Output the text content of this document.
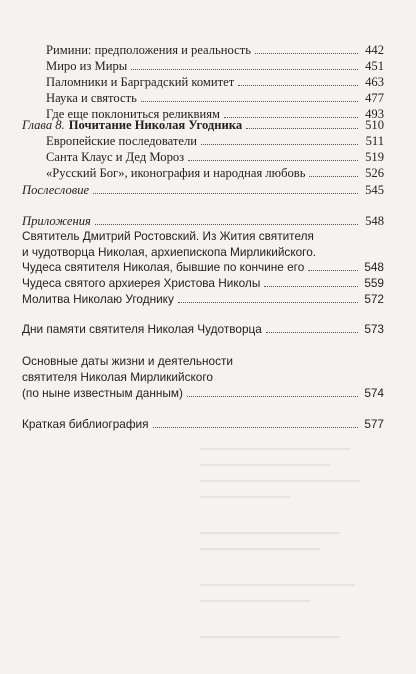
Римини: предположения и реальность	442
Миро из Миры	451
Паломники и Барградский комитет	463
Наука и святость	477
Где еще поклониться реликвиям	493
Глава 8. Почитание Николая Угодника	510
Европейские последователи	511
Санта Клаус и Дед Мороз	519
«Русский Бог», иконография и народная любовь	526
Послесловие	545
Приложения	548
Святитель Дмитрий Ростовский. Из Жития святителя
и чудотворца Николая, архиепископа Мирликийского.
Чудеса святителя Николая, бывшие по кончине его	548
Чудеса святого архиерея Христова Николы	559
Молитва Николаю Угоднику	572
Дни памяти святителя Николая Чудотворца	573
Основные даты жизни и деятельности
святителя Николая Мирликийского
(по ныне известным данным)	574
Краткая библиография	577
